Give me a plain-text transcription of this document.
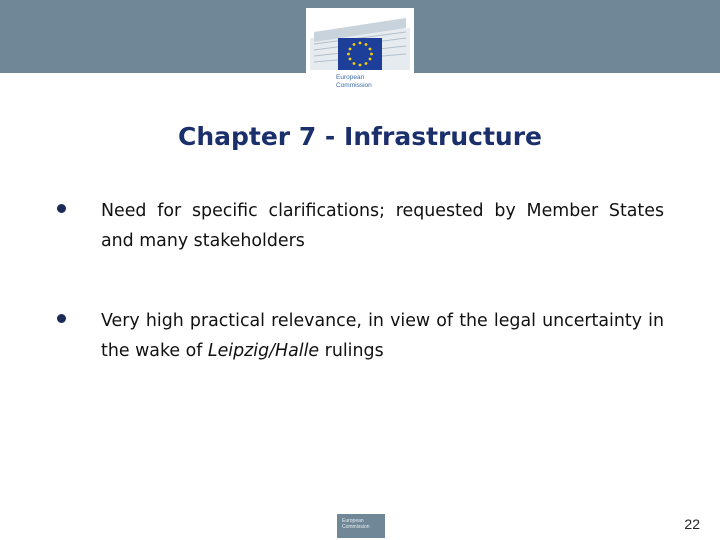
European
Commission
Chapter 7 - Infrastructure
Need for specific clarifications; requested by Member States and many stakeholders
Very high practical relevance, in view of the legal uncertainty in the wake of Leipzig/Halle rulings
European Commission	22
